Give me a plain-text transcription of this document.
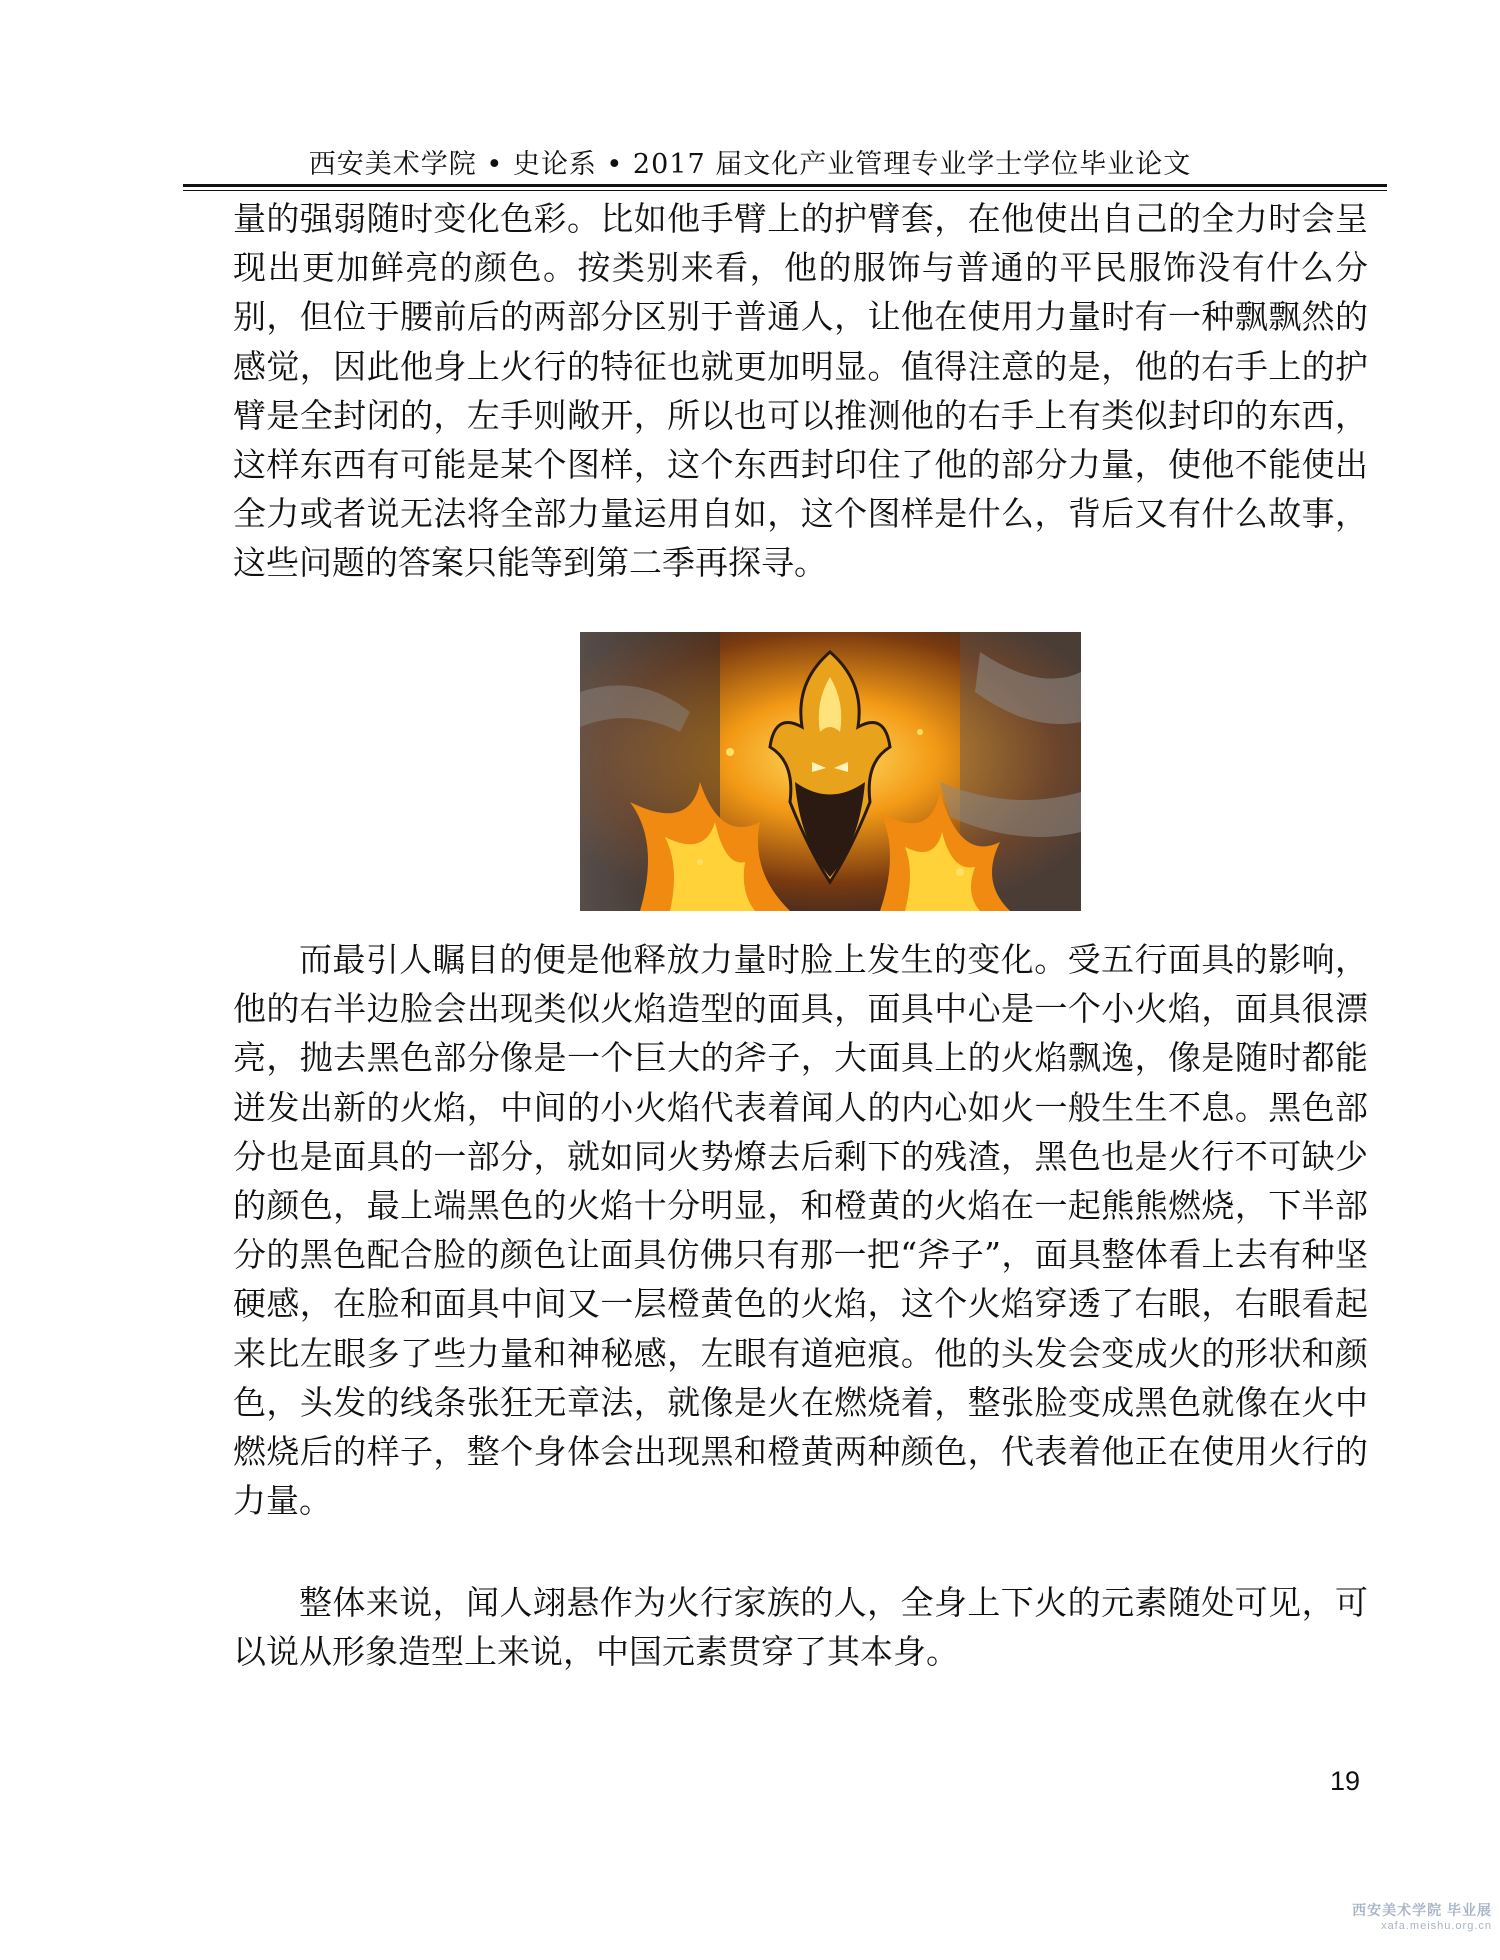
西安美术学院 • 史论系 • 2017 届文化产业管理专业学士学位毕业论文

量的强弱随时变化色彩。比如他手臂上的护臂套，在他使出自己的全力时会呈现出更加鲜亮的颜色。按类别来看，他的服饰与普通的平民服饰没有什么分别，但位于腰前后的两部分区别于普通人，让他在使用力量时有一种飘飘然的感觉，因此他身上火行的特征也就更加明显。值得注意的是，他的右手上的护臂是全封闭的，左手则敞开，所以也可以推测他的右手上有类似封印的东西，这样东西有可能是某个图样，这个东西封印住了他的部分力量，使他不能使出全力或者说无法将全部力量运用自如，这个图样是什么，背后又有什么故事，这些问题的答案只能等到第二季再探寻。

而最引人瞩目的便是他释放力量时脸上发生的变化。受五行面具的影响，他的右半边脸会出现类似火焰造型的面具，面具中心是一个小火焰，面具很漂亮，抛去黑色部分像是一个巨大的斧子，大面具上的火焰飘逸，像是随时都能迸发出新的火焰，中间的小火焰代表着闻人的内心如火一般生生不息。黑色部分也是面具的一部分，就如同火势燎去后剩下的残渣，黑色也是火行不可缺少的颜色，最上端黑色的火焰十分明显，和橙黄的火焰在一起熊熊燃烧，下半部分的黑色配合脸的颜色让面具仿佛只有那一把“斧子”，面具整体看上去有种坚硬感，在脸和面具中间又一层橙黄色的火焰，这个火焰穿透了右眼，右眼看起来比左眼多了些力量和神秘感，左眼有道疤痕。他的头发会变成火的形状和颜色，头发的线条张狂无章法，就像是火在燃烧着，整张脸变成黑色就像在火中燃烧后的样子，整个身体会出现黑和橙黄两种颜色，代表着他正在使用火行的力量。

整体来说，闻人翊悬作为火行家族的人，全身上下火的元素随处可见，可以说从形象造型上来说，中国元素贯穿了其本身。

19
西安美术学院 毕业展
xafa.meishu.org.cn
